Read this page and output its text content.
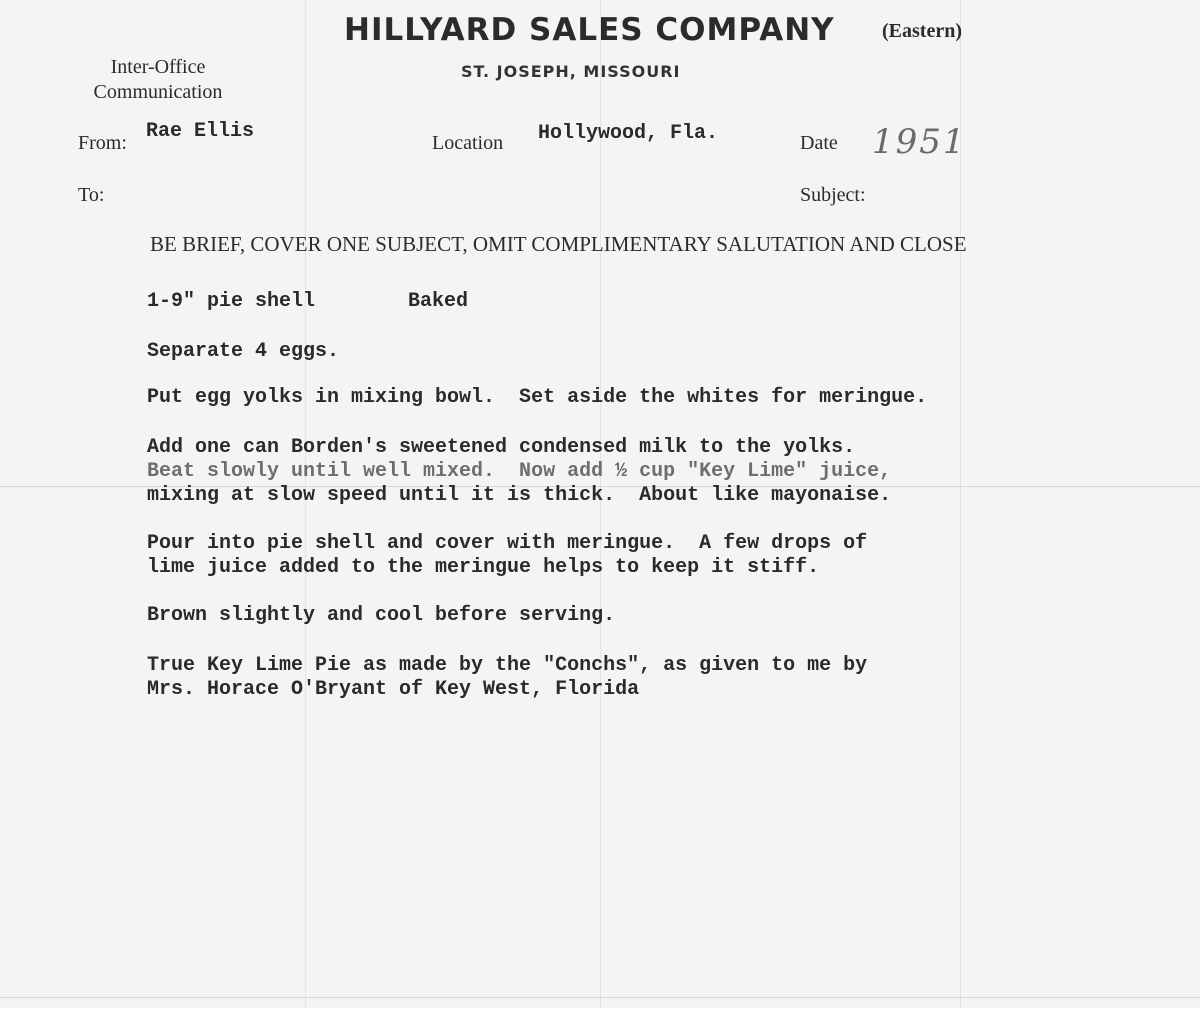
HILLYARD SALES COMPANY (Eastern)
ST. JOSEPH, MISSOURI
Inter-Office Communication
From: Rae Ellis	Location Hollywood, Fla.	Date 1951
To:	Subject:
BE BRIEF, COVER ONE SUBJECT, OMIT COMPLIMENTARY SALUTATION AND CLOSE
1-9" pie shell	Baked
Separate 4 eggs.
Put egg yolks in mixing bowl.  Set aside the whites for meringue.
Add one can Borden's sweetened condensed milk to the yolks.
Beat slowly until well mixed.  Now add ½ cup "Key Lime" juice,
mixing at slow speed until it is thick.  About like mayonaise.
Pour into pie shell and cover with meringue.  A few drops of
lime juice added to the meringue helps to keep it stiff.
Brown slightly and cool before serving.
True Key Lime Pie as made by the "Conchs", as given to me by
Mrs. Horace O'Bryant of Key West, Florida
